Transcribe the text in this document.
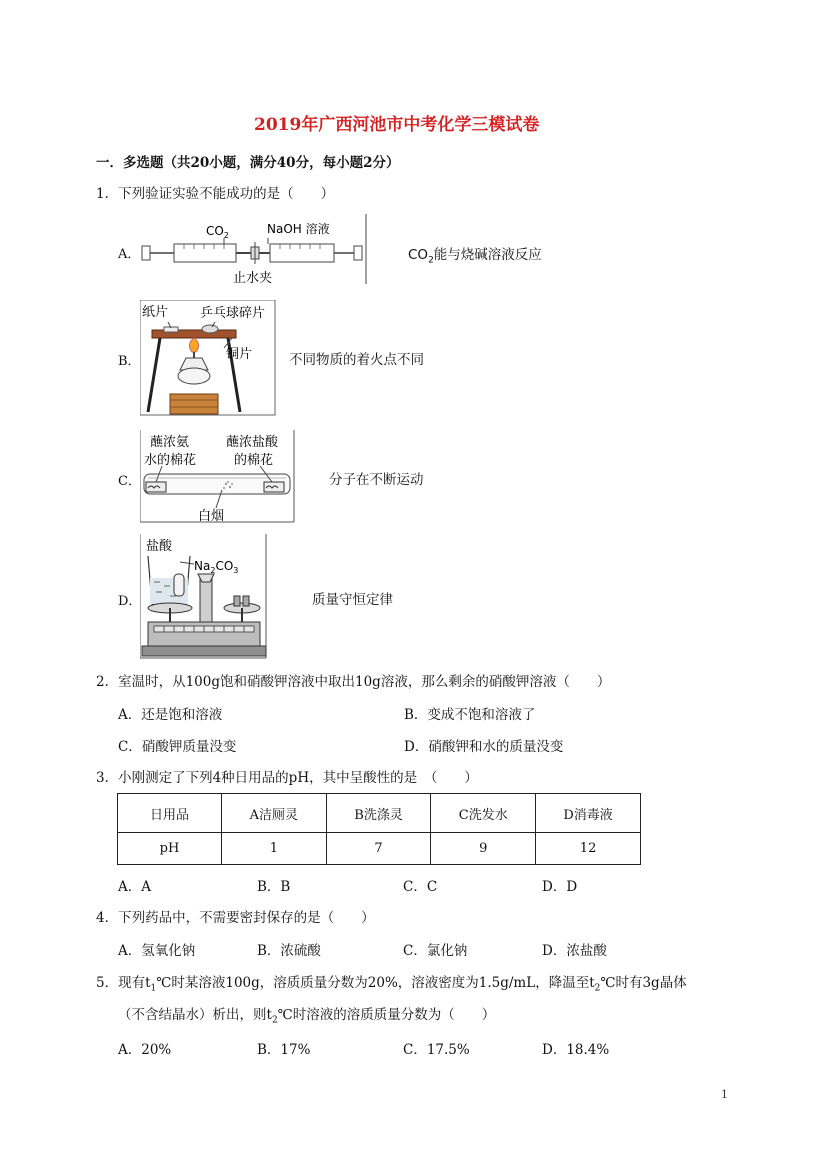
2019年广西河池市中考化学三模试卷
一．多选题（共20小题，满分40分，每小题2分）
1．下列验证实验不能成功的是（　　）
A．
$CO_2$	NaOH 溶液
止水夹
$CO_2$能与烧碱溶液反应
B．
纸片 乒乓球碎片
铜片	不同物质的着火点不同
C．
蘸浓氨
水的棉花
蘸浓盐酸
的棉花
白烟
分子在不断运动
D．
盐酸
$Na_2CO_3$
质量守恒定律
2．室温时，从100g饱和硝酸钾溶液中取出10g溶液，那么剩余的硝酸钾溶液（　　）
A．还是饱和溶液	B．变成不饱和溶液了
C．硝酸钾质量没变	D．硝酸钾和水的质量没变
3．小刚测定了下列4种日用品的pH，其中呈酸性的是　（　　）
日用品	A洁厕灵	B洗涤灵	C洗发水	D消毒液
pH	1	7	9	12
A．A	B．B	C．C	D．D
4．下列药品中，不需要密封保存的是（　　）
A．氢氧化钠	B．浓硫酸	C．氯化钠	D．浓盐酸
5．现有$t_1℃$时某溶液100g，溶质质量分数为20%，溶液密度为1.5g/mL，降温至$t_2℃$时有3g晶体
（不含结晶水）析出，则$t_2℃$时溶液的溶质质量分数为（　　）
A．20%	B．17%	C．17.5%	D．18.4%
1
